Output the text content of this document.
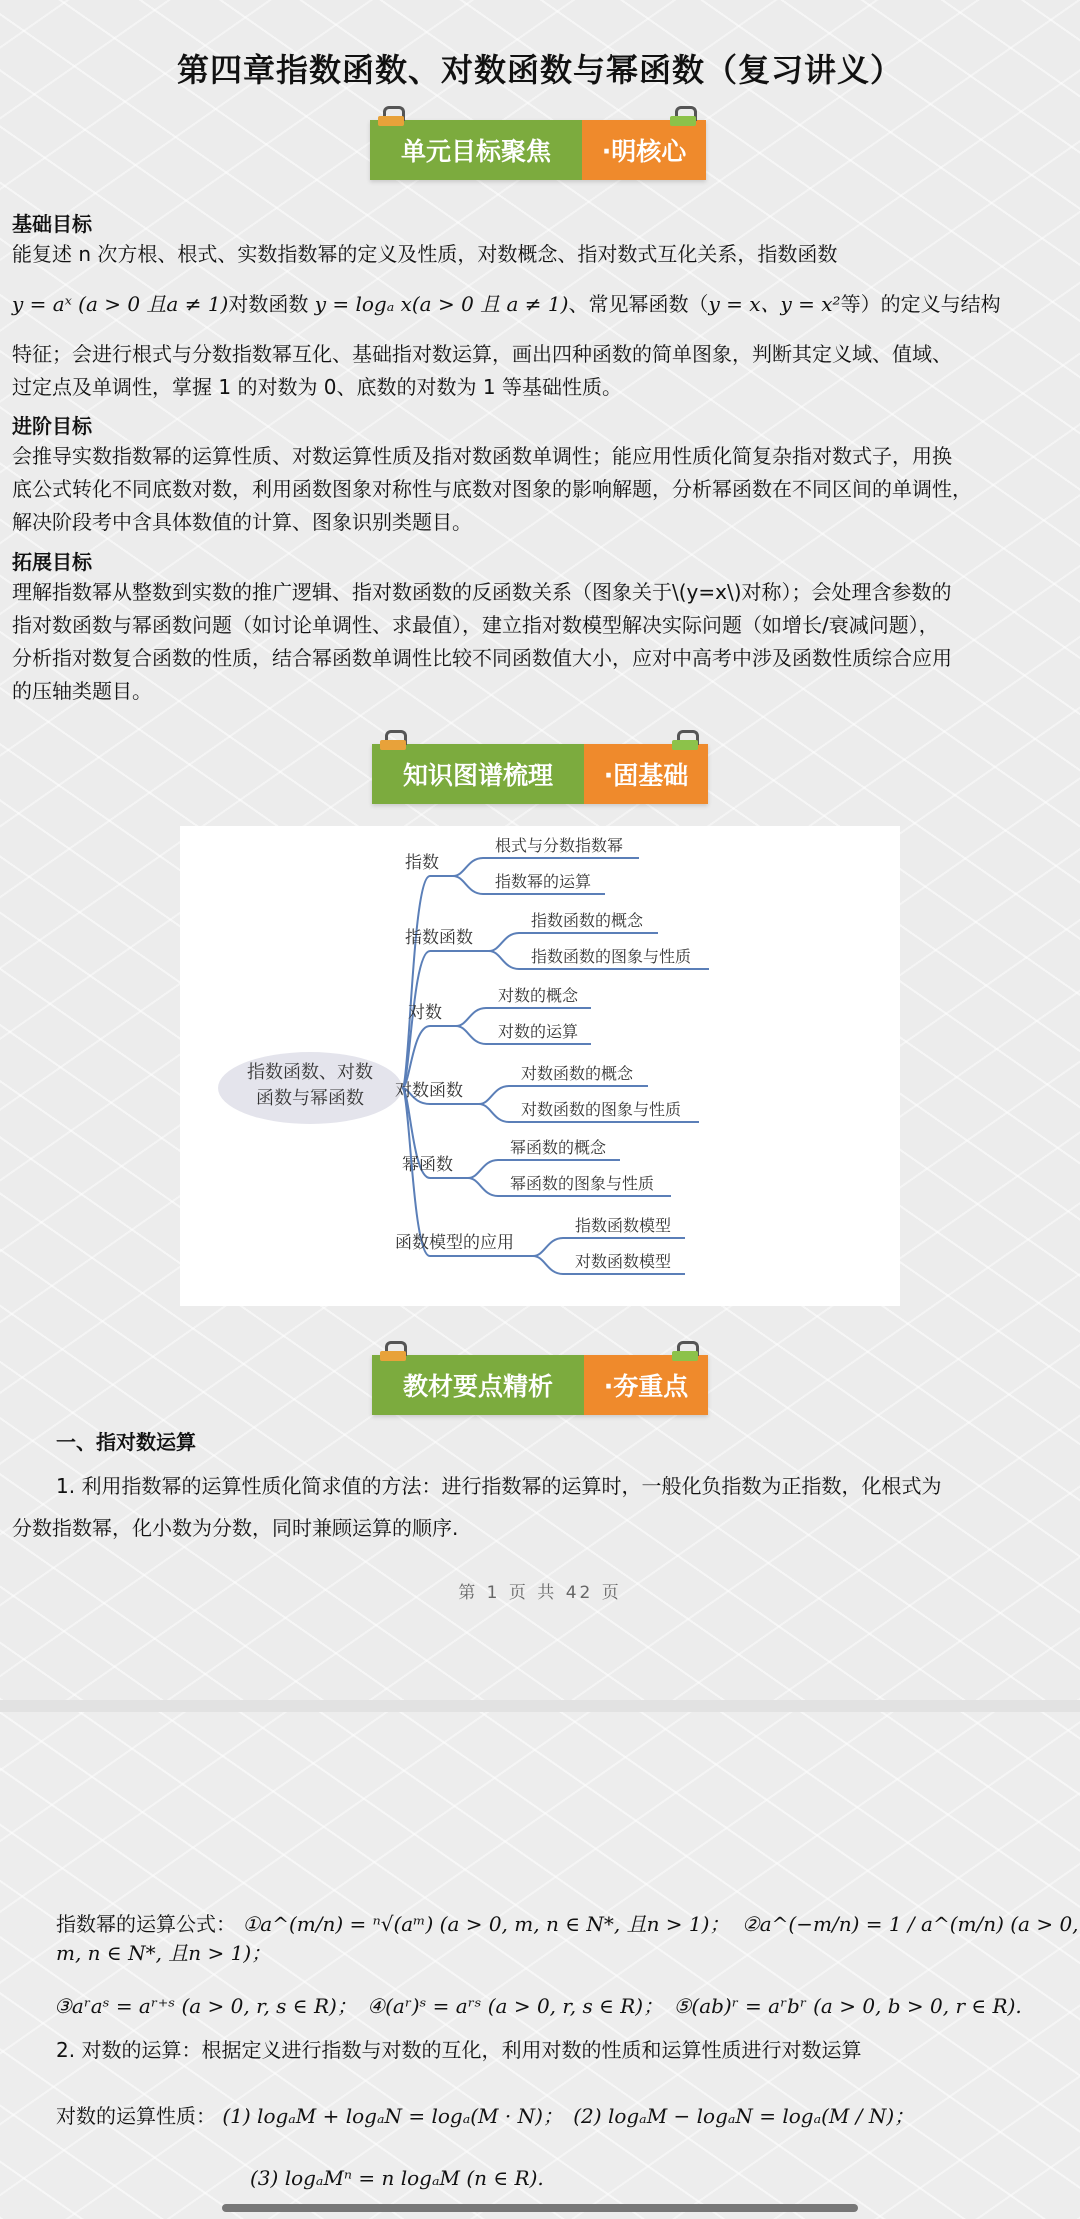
第四章指数函数、对数函数与幂函数（复习讲义）
单元目标聚焦	·明核心
基础目标
能复述 n 次方根、根式、实数指数幂的定义及性质，对数概念、指对数式互化关系，指数函数
y = aˣ (a > 0 且a ≠ 1)对数函数 y = logₐ x(a > 0 且 a ≠ 1)、常见幂函数（y = x、y = x²等）的定义与结构
特征；会进行根式与分数指数幂互化、基础指对数运算，画出四种函数的简单图象，判断其定义域、值域、
过定点及单调性，掌握 1 的对数为 0、底数的对数为 1 等基础性质。
进阶目标
会推导实数指数幂的运算性质、对数运算性质及指对数函数单调性；能应用性质化简复杂指对数式子，用换
底公式转化不同底数对数，利用函数图象对称性与底数对图象的影响解题，分析幂函数在不同区间的单调性，
解决阶段考中含具体数值的计算、图象识别类题目。
拓展目标
理解指数幂从整数到实数的推广逻辑、指对数函数的反函数关系（图象关于\(y=x\)对称）；会处理含参数的
指对数函数与幂函数问题（如讨论单调性、求最值），建立指对数模型解决实际问题（如增长/衰减问题），
分析指对数复合函数的性质，结合幂函数单调性比较不同函数值大小，应对中高考中涉及函数性质综合应用
的压轴类题目。
知识图谱梳理	·固基础
指数函数、对数
函数与幂函数
指数
根式与分数指数幂
指数幂的运算
指数函数
指数函数的概念
指数函数的图象与性质
对数
对数的概念
对数的运算
对数函数
对数函数的概念
对数函数的图象与性质
幂函数
幂函数的概念
幂函数的图象与性质
函数模型的应用
指数函数模型
对数函数模型
教材要点精析	·夯重点
一、指对数运算
1. 利用指数幂的运算性质化简求值的方法：进行指数幂的运算时，一般化负指数为正指数，化根式为
分数指数幂，化小数为分数，同时兼顾运算的顺序.
第 1 页 共 42 页
指数幂的运算公式： ①a^(m/n) = ⁿ√(aᵐ) (a > 0, m, n ∈ N*, 且n > 1)； ②a^(−m/n) = 1 / a^(m/n) (a > 0, m, n ∈ N*, 且n > 1)；
③aʳaˢ = aʳ⁺ˢ (a > 0, r, s ∈ R)； ④(aʳ)ˢ = aʳˢ (a > 0, r, s ∈ R)； ⑤(ab)ʳ = aʳbʳ (a > 0, b > 0, r ∈ R).
2. 对数的运算：根据定义进行指数与对数的互化，利用对数的性质和运算性质进行对数运算
对数的运算性质： (1) logₐM + logₐN = logₐ(M · N)； (2) logₐM − logₐN = logₐ(M / N)；
(3) logₐMⁿ = n logₐM (n ∈ R).
